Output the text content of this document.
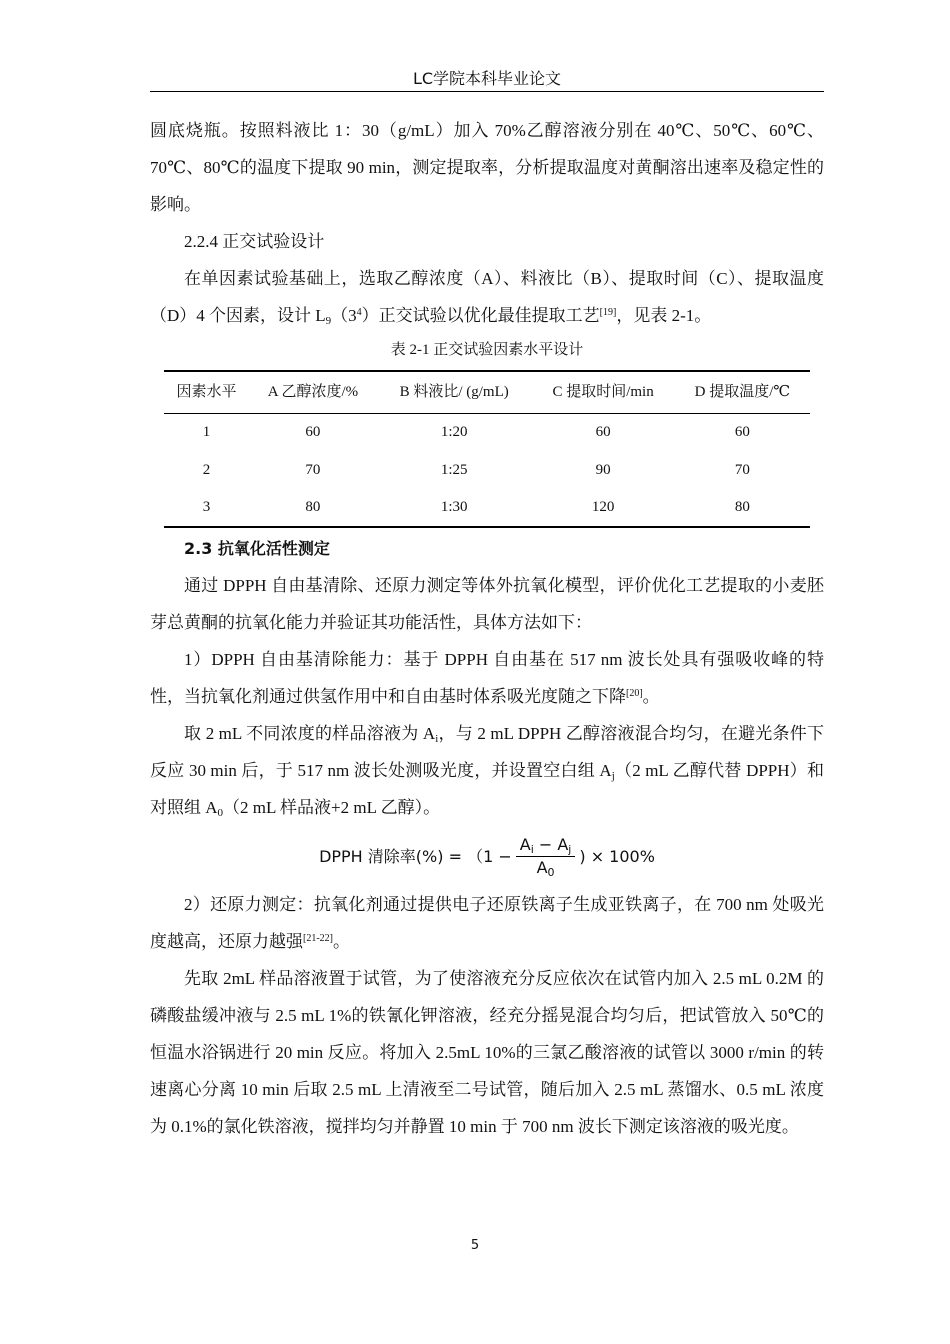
LC学院本科毕业论文

圆底烧瓶。按照料液比 1：30（g/mL）加入 70%乙醇溶液分别在 40℃、50℃、60℃、70℃、80℃的温度下提取 90 min，测定提取率，分析提取温度对黄酮溶出速率及稳定性的影响。

2.2.4 正交试验设计

在单因素试验基础上，选取乙醇浓度（A）、料液比（B）、提取时间（C）、提取温度（D）4 个因素，设计 $L_9(3^4)$正交试验以优化最佳提取工艺[19]，见表 2-1。

表 2-1 正交试验因素水平设计
因素水平	A 乙醇浓度/%	B 料液比/ (g/mL)	C 提取时间/min	D 提取温度/℃
1	60	1:20	60	60
2	70	1:25	90	70
3	80	1:30	120	80

2.3 抗氧化活性测定

通过 DPPH 自由基清除、还原力测定等体外抗氧化模型，评价优化工艺提取的小麦胚芽总黄酮的抗氧化能力并验证其功能活性，具体方法如下：

1）DPPH 自由基清除能力：基于 DPPH 自由基在 517 nm 波长处具有强吸收峰的特性，当抗氧化剂通过供氢作用中和自由基时体系吸光度随之下降[20]。

取 2 mL 不同浓度的样品溶液为 $A_i$，与 2 mL DPPH 乙醇溶液混合均匀，在避光条件下反应 30 min 后，于 517 nm 波长处测吸光度，并设置空白组 $A_j(2$ mL 乙醇代替 DPPH）和对照组 $A_0(2$ mL 样品液+2 mL 乙醇）。

DPPH 清除率(%) = （$1 - \frac{A_i - A_j}{A_0}$ ) × 100%

2）还原力测定：抗氧化剂通过提供电子还原铁离子生成亚铁离子，在 700 nm 处吸光度越高，还原力越强[21-22]。

先取 2mL 样品溶液置于试管，为了使溶液充分反应依次在试管内加入 2.5 mL 0.2M 的磷酸盐缓冲液与 2.5 mL 1%的铁氰化钾溶液，经充分摇晃混合均匀后，把试管放入 50℃的恒温水浴锅进行 20 min 反应。将加入 2.5mL 10%的三氯乙酸溶液的试管以 3000 r/min 的转速离心分离 10 min 后取 2.5 mL 上清液至二号试管，随后加入 2.5 mL 蒸馏水、0.5 mL 浓度为 0.1%的氯化铁溶液，搅拌均匀并静置 10 min 于 700 nm 波长下测定该溶液的吸光度。

5
